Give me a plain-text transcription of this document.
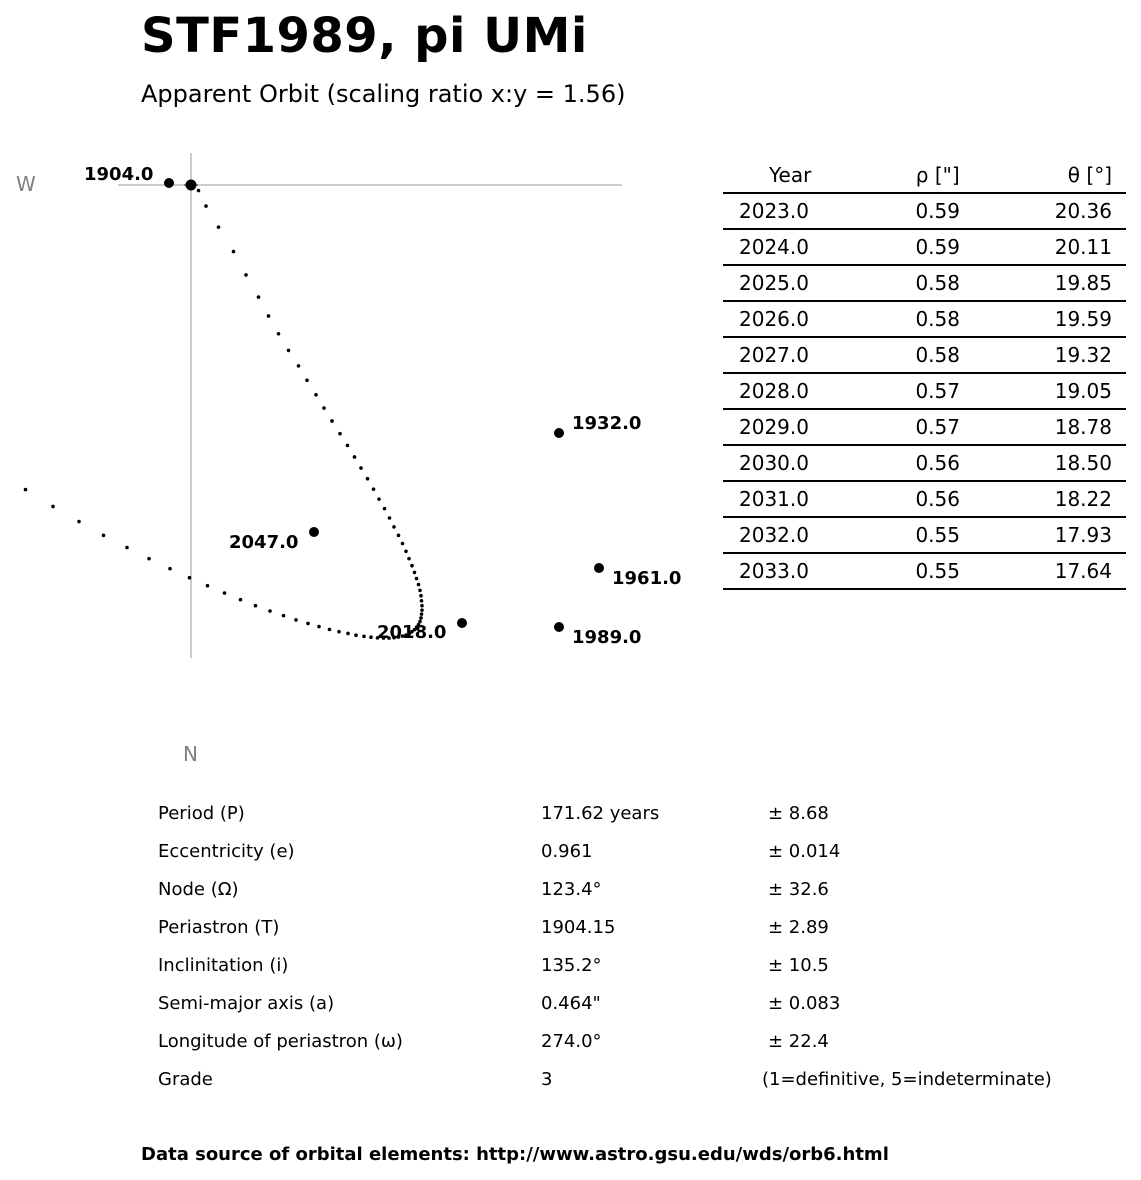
STF1989, pi UMi
Apparent Orbit (scaling ratio x:y = 1.56)
W
N
1904.0
1932.0
1961.0
1989.0
2018.0
2047.0
Year	ρ ["]	θ [°]
2023.0	0.59	20.36
2024.0	0.59	20.11
2025.0	0.58	19.85
2026.0	0.58	19.59
2027.0	0.58	19.32
2028.0	0.57	19.05
2029.0	0.57	18.78
2030.0	0.56	18.50
2031.0	0.56	18.22
2032.0	0.55	17.93
2033.0	0.55	17.64
Period (P)	171.62 years	± 8.68
Eccentricity (e)	0.961	± 0.014
Node (Ω)	123.4°	± 32.6
Periastron (T)	1904.15	± 2.89
Inclinitation (i)	135.2°	± 10.5
Semi-major axis (a)	0.464"	± 0.083
Longitude of periastron (ω)	274.0°	± 22.4
Grade	3	(1=definitive, 5=indeterminate)
Data source of orbital elements: http://www.astro.gsu.edu/wds/orb6.html
